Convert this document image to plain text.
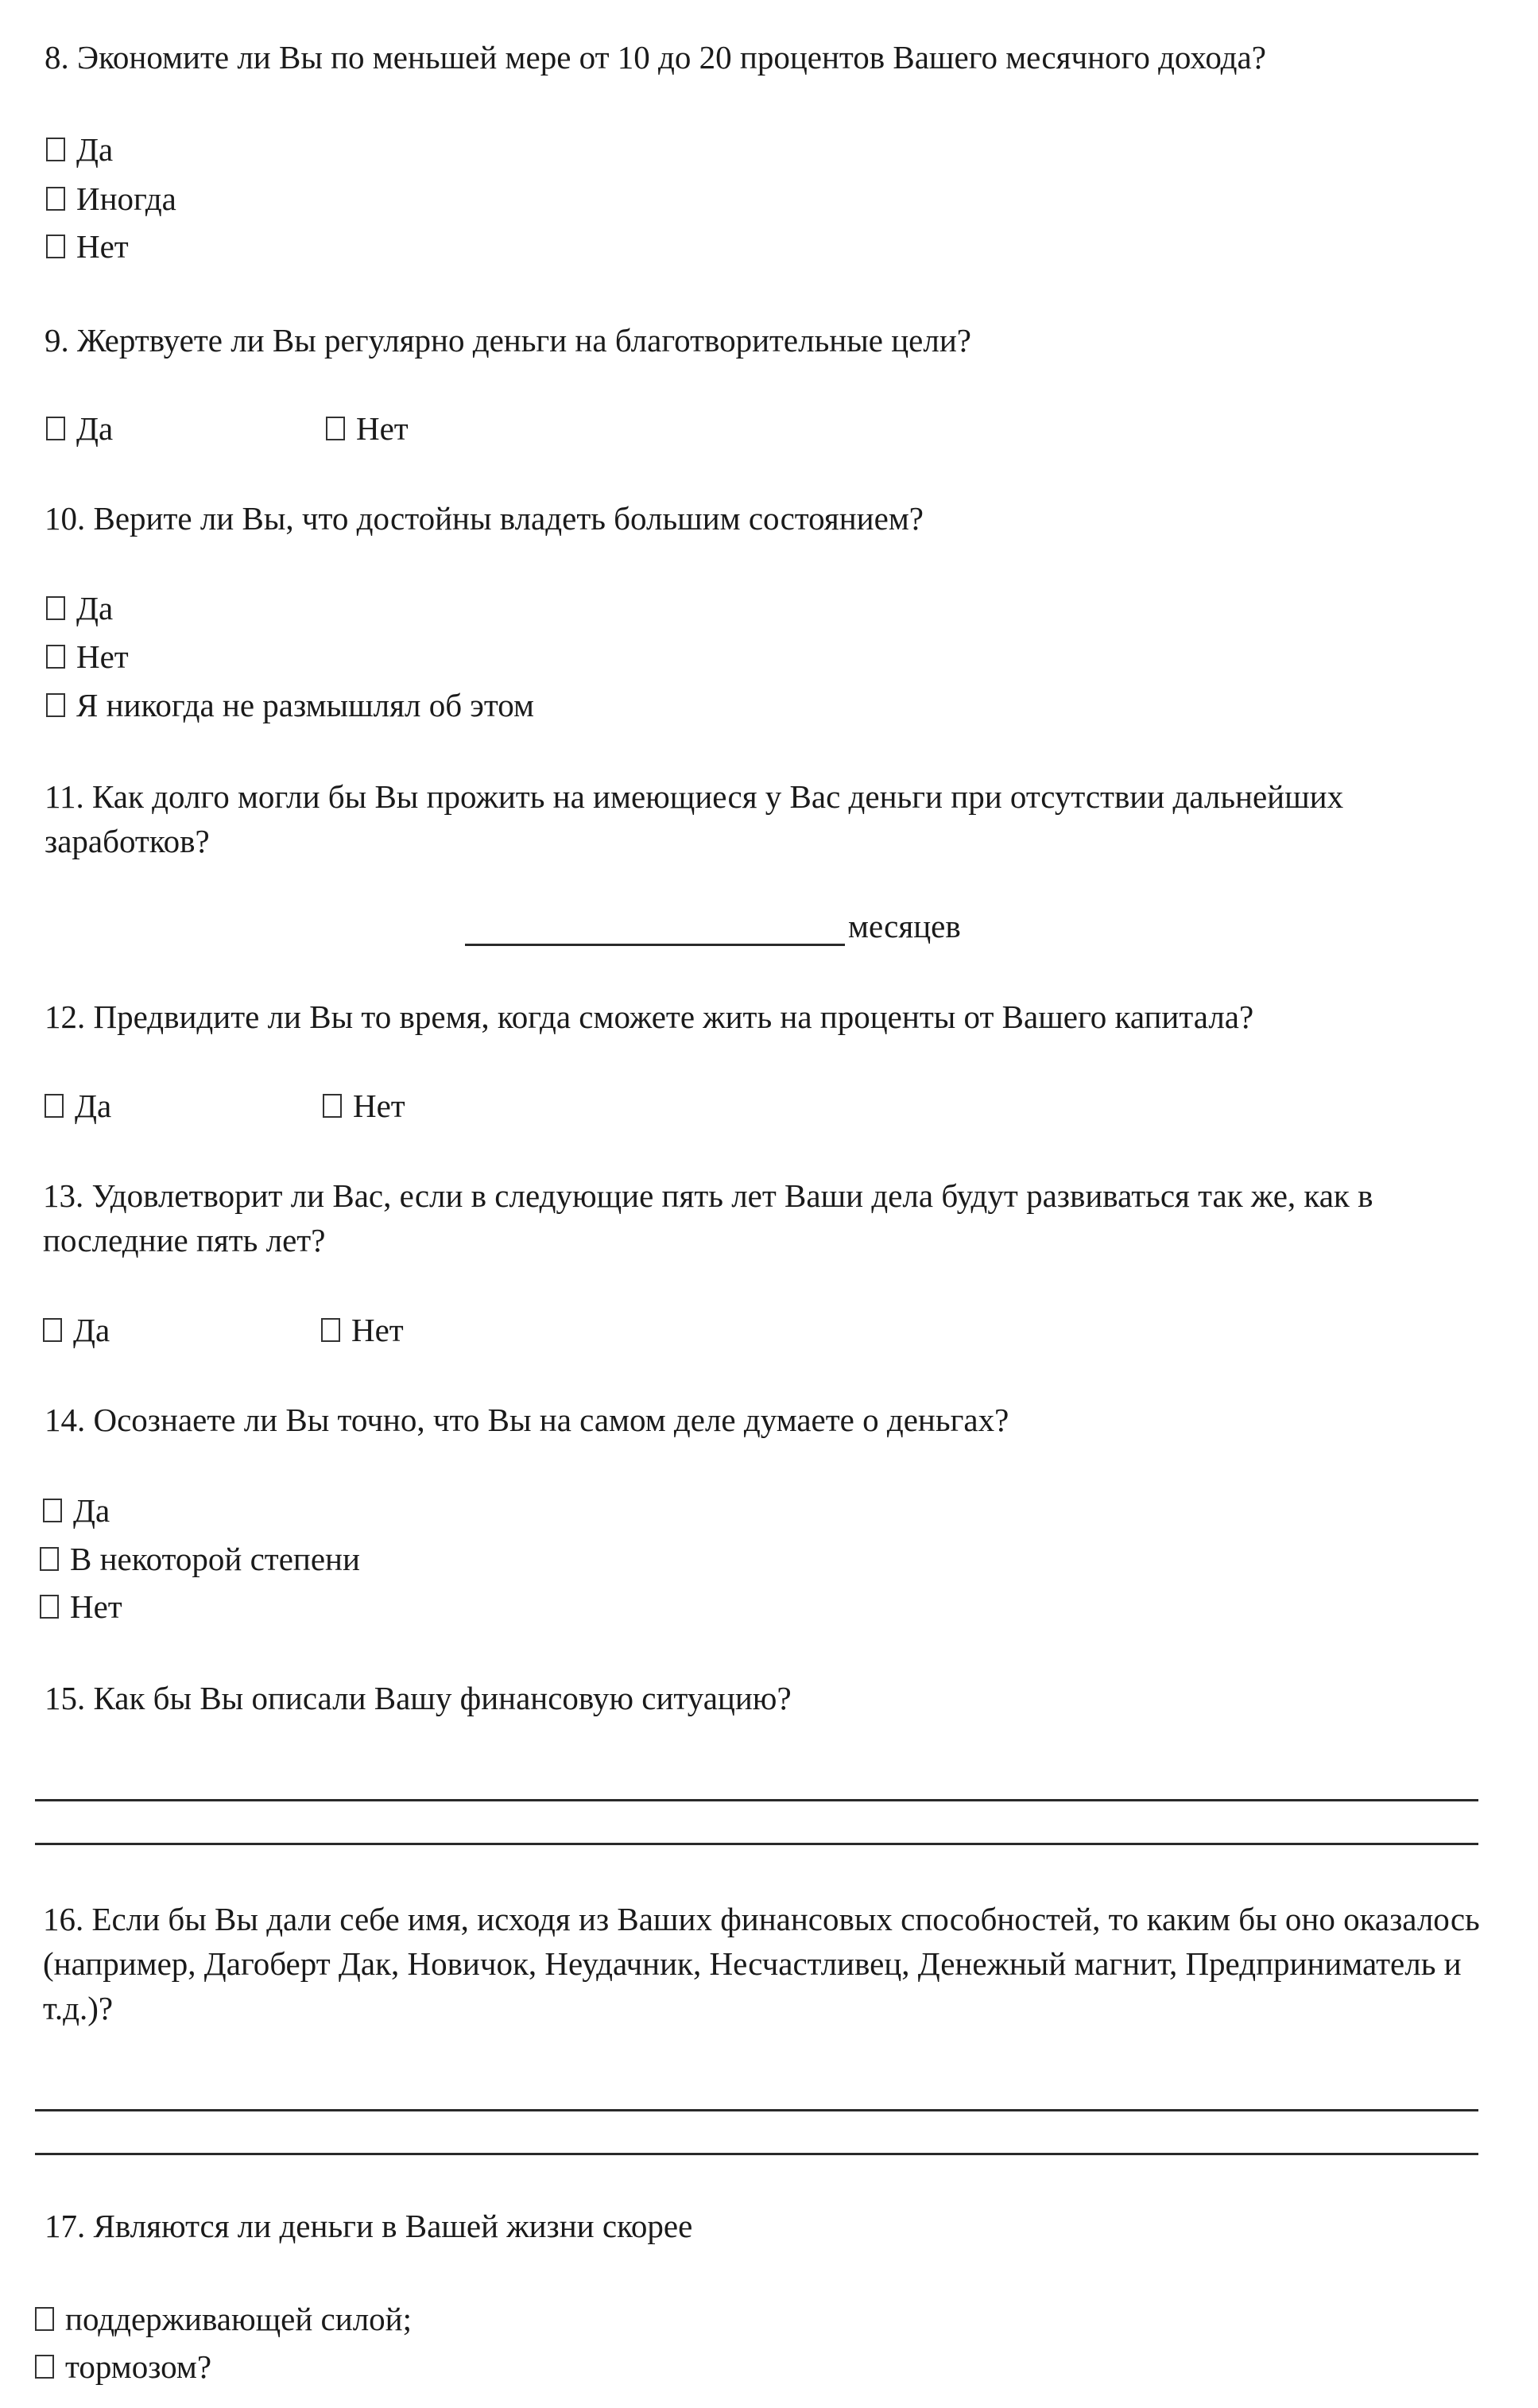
8. Экономите ли Вы по меньшей мере от 10 до 20 процентов Вашего месячного дохода?
Да
Иногда
Нет
9. Жертвуете ли Вы регулярно деньги на благотворительные цели?
Да	Нет
10. Верите ли Вы, что достойны владеть большим состоянием?
Да
Нет
Я никогда не размышлял об этом
11. Как долго могли бы Вы прожить на имеющиеся у Вас деньги при отсутствии дальнейших заработков?
месяцев
12. Предвидите ли Вы то время, когда сможете жить на проценты от Вашего капитала?
Да	Нет
13. Удовлетворит ли Вас, если в следующие пять лет Ваши дела будут развиваться так же, как в последние пять лет?
Да	Нет
14. Осознаете ли Вы точно, что Вы на самом деле думаете о деньгах?
Да
В некоторой степени
Нет
15. Как бы Вы описали Вашу финансовую ситуацию?
16. Если бы Вы дали себе имя, исходя из Ваших финансовых способностей, то каким бы оно оказалось (например, Дагоберт Дак, Новичок, Неудачник, Несчастливец, Денежный магнит, Предприниматель и т.д.)?
17. Являются ли деньги в Вашей жизни скорее
поддерживающей силой;
тормозом?
